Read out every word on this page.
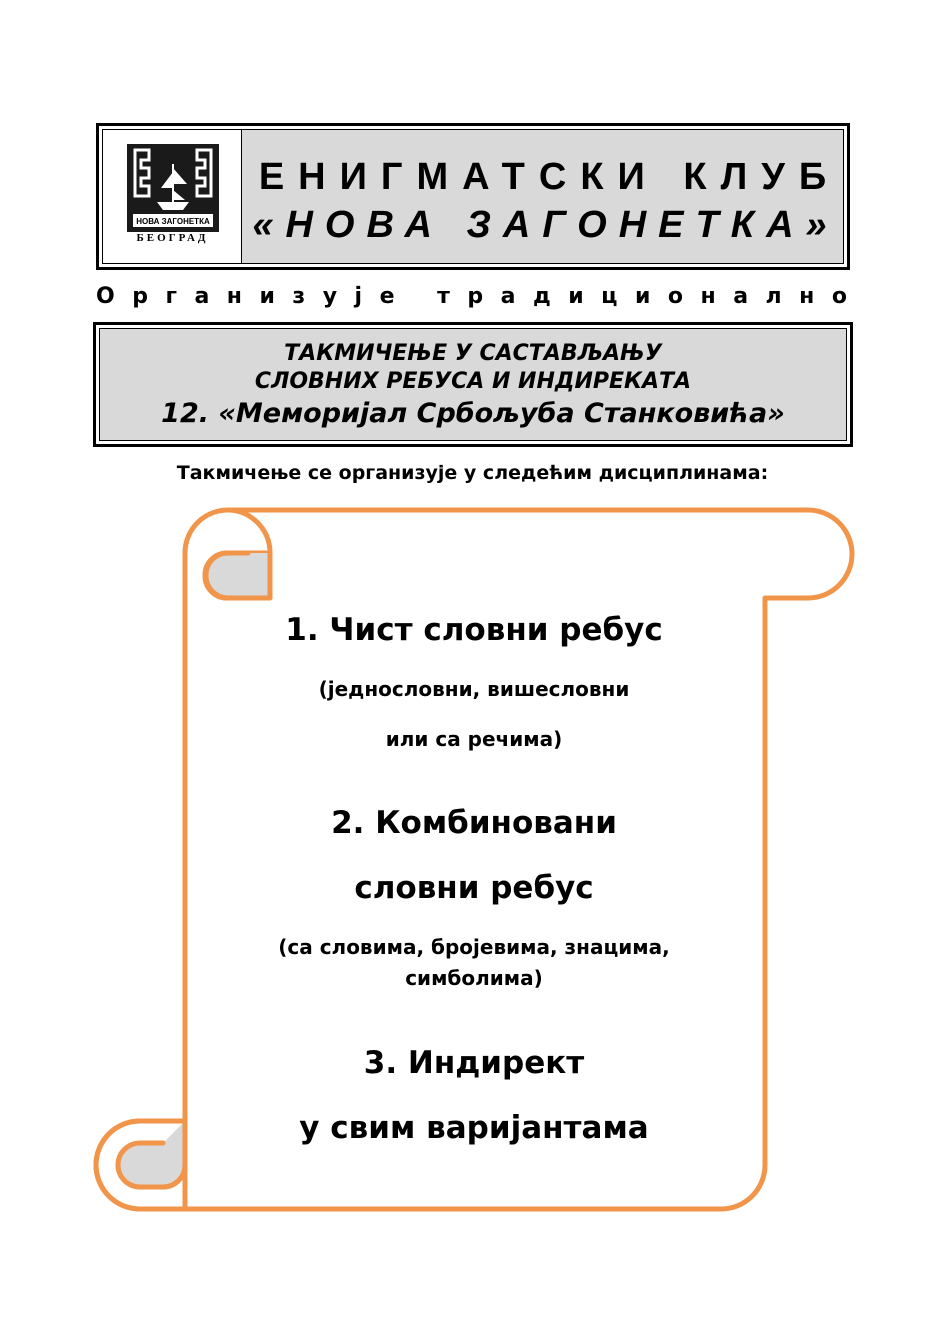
НОВА ЗАГОНЕТКА
БЕОГРАД
ЕНИГМАТСКИ КЛУБ
«НОВА ЗАГОНЕТКА»
Организује традиционално
ТАКМИЧЕЊЕ У САСТАВЉАЊУ
СЛОВНИХ РЕБУСА И ИНДИРЕКАТА
12. «Меморијал Србољуба Станковића»
Такмичење се организује у следећим дисциплинама:
1. Чист словни ребус
(једнословни, вишесловни
или са речима)
2. Комбиновани
словни ребус
(са словима, бројевима, знацима,
симболима)
3. Индирект
у свим варијантама
